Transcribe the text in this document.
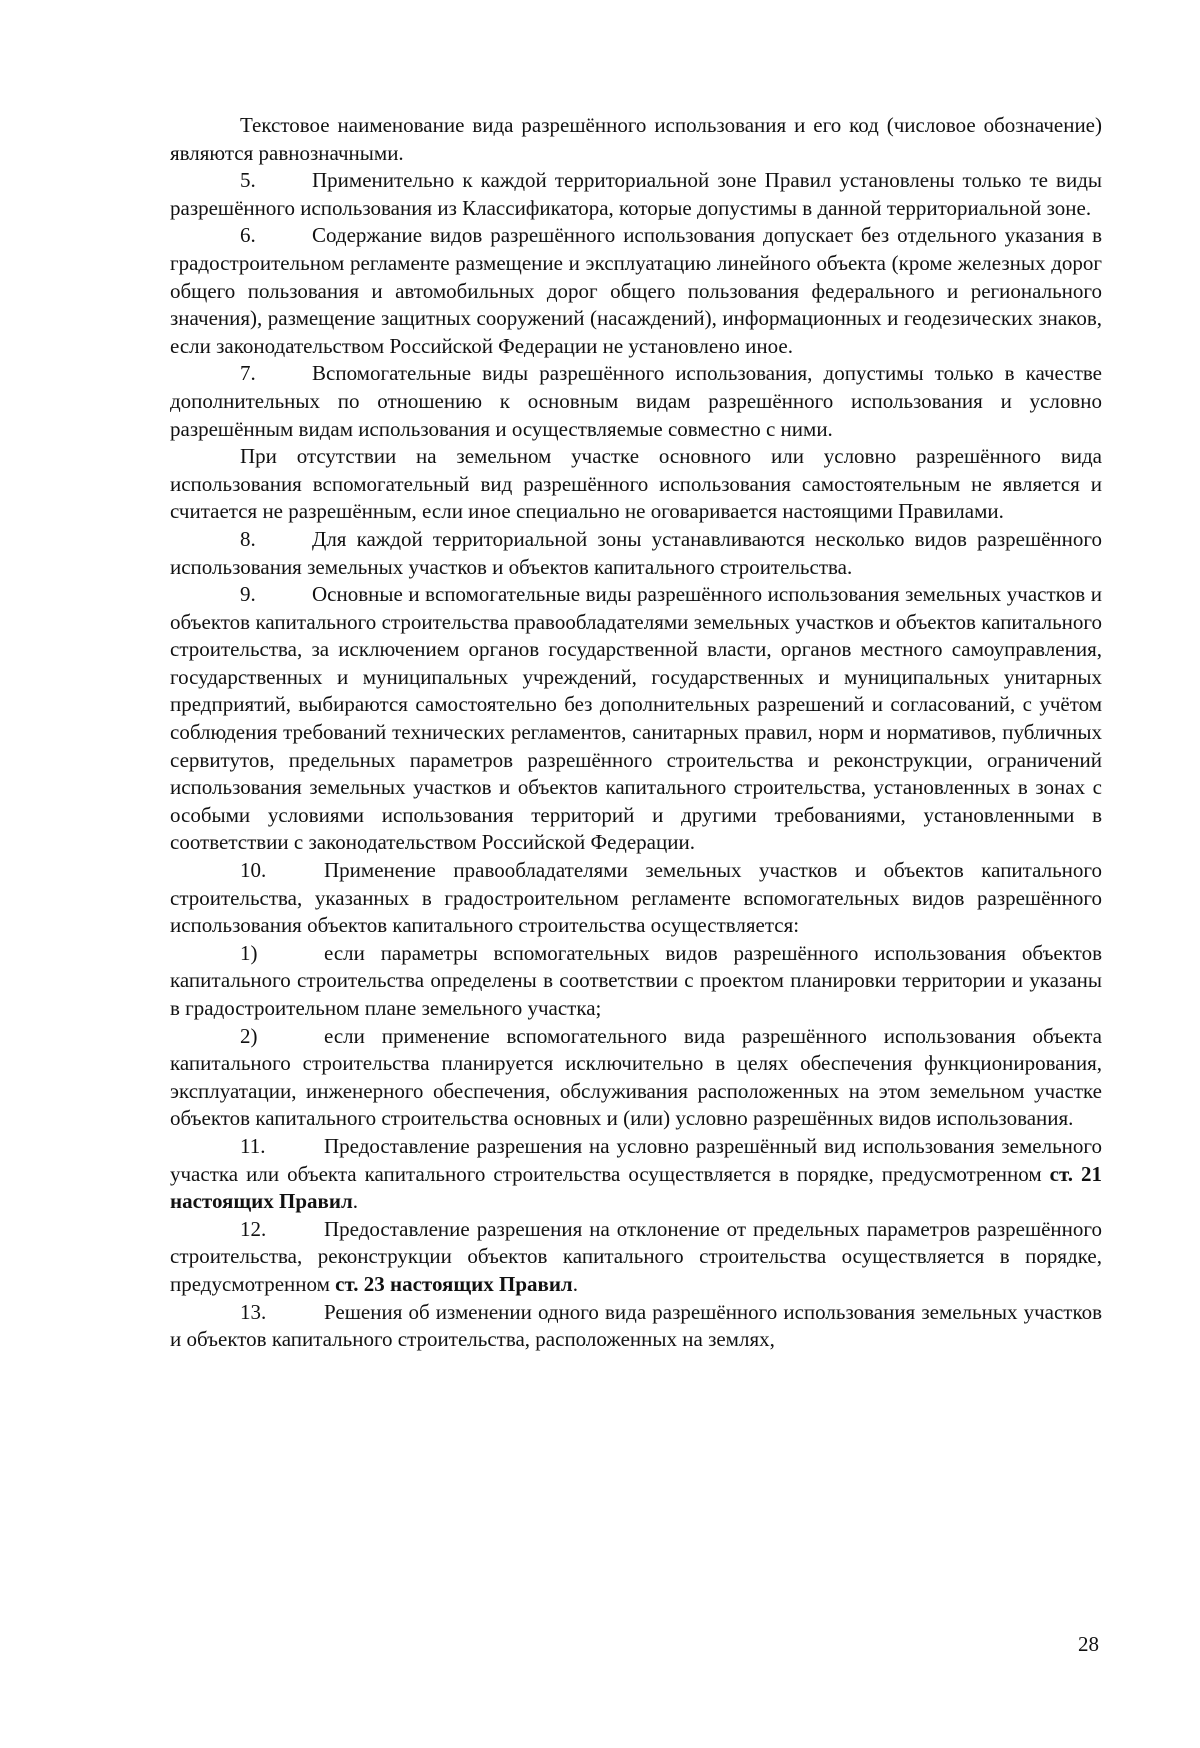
Текстовое наименование вида разрешённого использования и его код (числовое обозначение) являются равнозначными.

5.	Применительно к каждой территориальной зоне Правил установлены только те виды разрешённого использования из Классификатора, которые допустимы в данной территориальной зоне.

6.	Содержание видов разрешённого использования допускает без отдельного указания в градостроительном регламенте размещение и эксплуатацию линейного объекта (кроме железных дорог общего пользования и автомобильных дорог общего пользования федерального и регионального значения), размещение защитных сооружений (насаждений), информационных и геодезических знаков, если законодательством Российской Федерации не установлено иное.

7.	Вспомогательные виды разрешённого использования, допустимы только в качестве дополнительных по отношению к основным видам разрешённого использования и условно разрешённым видам использования и осуществляемые совместно с ними.

При отсутствии на земельном участке основного или условно разрешённого вида использования вспомогательный вид разрешённого использования самостоятельным не является и считается не разрешённым, если иное специально не оговаривается настоящими Правилами.

8.	Для каждой территориальной зоны устанавливаются несколько видов разрешённого использования земельных участков и объектов капитального строительства.

9.	Основные и вспомогательные виды разрешённого использования земельных участков и объектов капитального строительства правообладателями земельных участков и объектов капитального строительства, за исключением органов государственной власти, органов местного самоуправления, государственных и муниципальных учреждений, государственных и муниципальных унитарных предприятий, выбираются самостоятельно без дополнительных разрешений и согласований, с учётом соблюдения требований технических регламентов, санитарных правил, норм и нормативов, публичных сервитутов, предельных параметров разрешённого строительства и реконструкции, ограничений использования земельных участков и объектов капитального строительства, установленных в зонах с особыми условиями использования территорий и другими требованиями, установленными в соответствии с законодательством Российской Федерации.

10.	Применение правообладателями земельных участков и объектов капитального строительства, указанных в градостроительном регламенте вспомогательных видов разрешённого использования объектов капитального строительства осуществляется:

1)	если параметры вспомогательных видов разрешённого использования объектов капитального строительства определены в соответствии с проектом планировки территории и указаны в градостроительном плане земельного участка;

2)	если применение вспомогательного вида разрешённого использования объекта капитального строительства планируется исключительно в целях обеспечения функционирования, эксплуатации, инженерного обеспечения, обслуживания расположенных на этом земельном участке объектов капитального строительства основных и (или) условно разрешённых видов использования.

11.	Предоставление разрешения на условно разрешённый вид использования земельного участка или объекта капитального строительства осуществляется в порядке, предусмотренном ст. 21 настоящих Правил.

12.	Предоставление разрешения на отклонение от предельных параметров разрешённого строительства, реконструкции объектов капитального строительства осуществляется в порядке, предусмотренном ст. 23 настоящих Правил.

13.	Решения об изменении одного вида разрешённого использования земельных участков и объектов капитального строительства, расположенных на землях,

28
